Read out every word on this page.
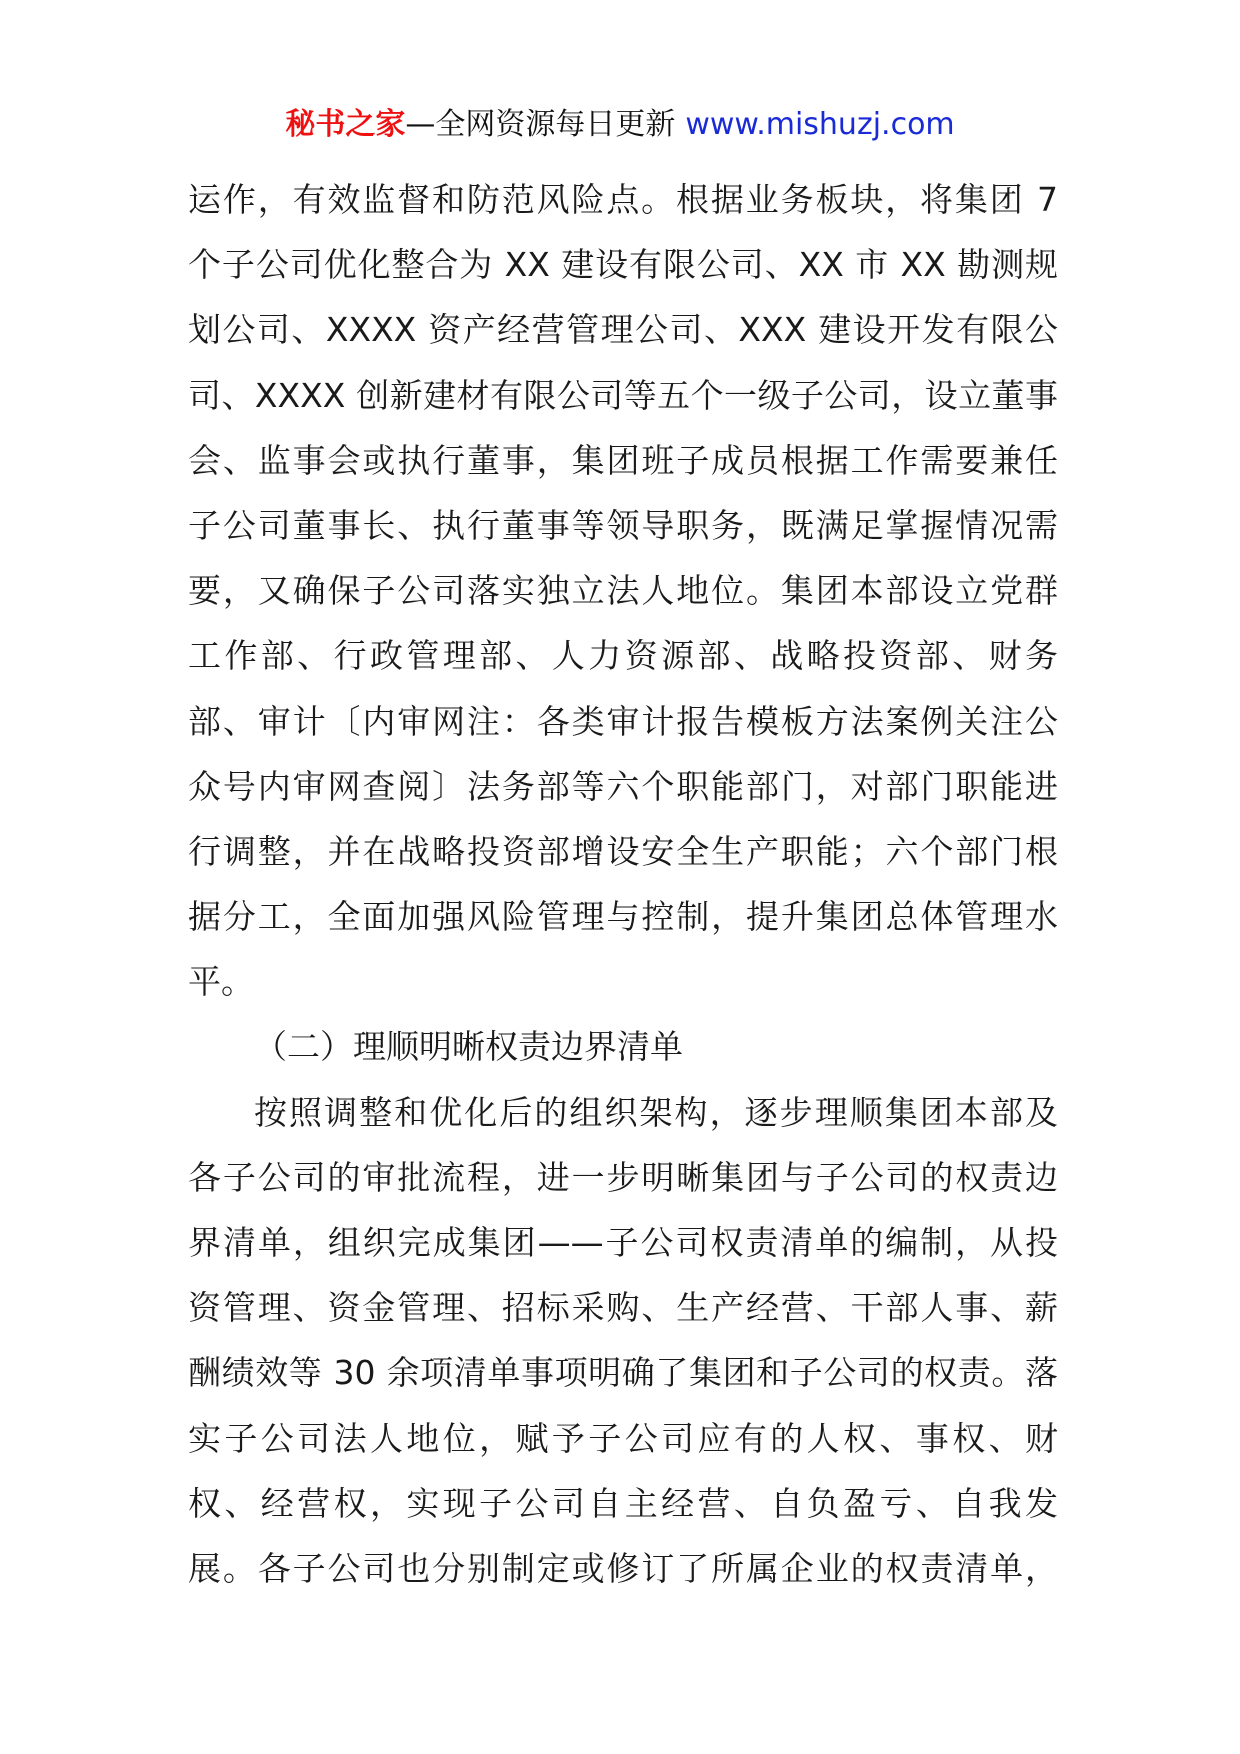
秘书之家—全网资源每日更新 www.mishuzj.com
运作，有效监督和防范风险点。根据业务板块，将集团 7
个子公司优化整合为 XX 建设有限公司、XX 市 XX 勘测规
划公司、XXXX 资产经营管理公司、XXX 建设开发有限公
司、XXXX 创新建材有限公司等五个一级子公司，设立董事
会、监事会或执行董事，集团班子成员根据工作需要兼任
子公司董事长、执行董事等领导职务，既满足掌握情况需
要，又确保子公司落实独立法人地位。集团本部设立党群
工作部、行政管理部、人力资源部、战略投资部、财务
部、审计〔内审网注：各类审计报告模板方法案例关注公
众号内审网查阅〕法务部等六个职能部门，对部门职能进
行调整，并在战略投资部增设安全生产职能；六个部门根
据分工，全面加强风险管理与控制，提升集团总体管理水
平。
（二）理顺明晰权责边界清单
按照调整和优化后的组织架构，逐步理顺集团本部及
各子公司的审批流程，进一步明晰集团与子公司的权责边
界清单，组织完成集团——子公司权责清单的编制，从投
资管理、资金管理、招标采购、生产经营、干部人事、薪
酬绩效等 30 余项清单事项明确了集团和子公司的权责。落
实子公司法人地位，赋予子公司应有的人权、事权、财
权、经营权，实现子公司自主经营、自负盈亏、自我发
展。各子公司也分别制定或修订了所属企业的权责清单，
